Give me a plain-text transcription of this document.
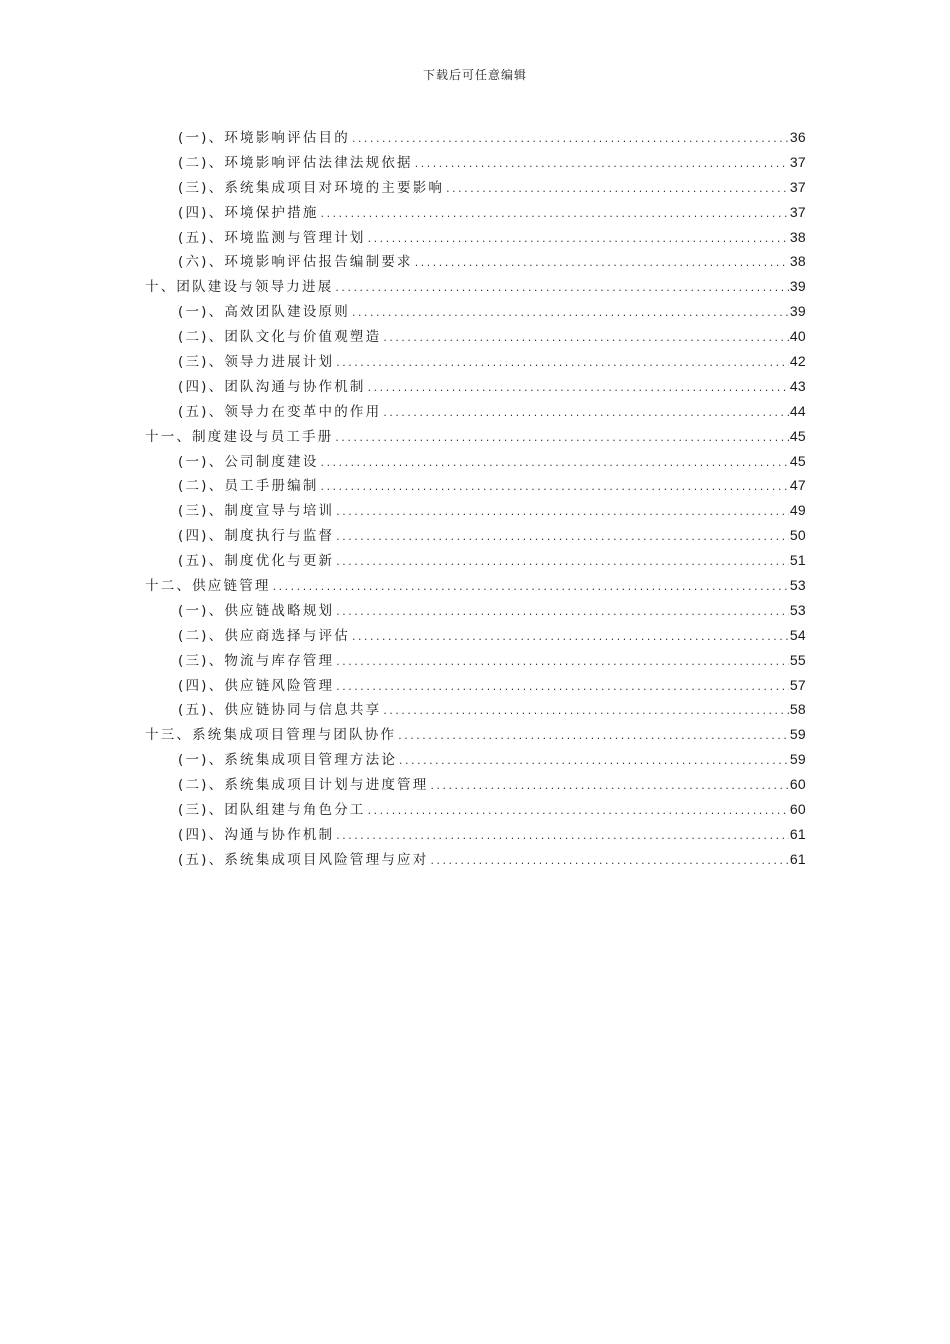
下载后可任意编辑
(一)、环境影响评估目的 .....	36
(二)、环境影响评估法律法规依据 .....	37
(三)、系统集成项目对环境的主要影响 .....	37
(四)、环境保护措施 .....	37
(五)、环境监测与管理计划 .....	38
(六)、环境影响评估报告编制要求 .....	38
十、团队建设与领导力进展 .....	39
(一)、高效团队建设原则 .....	39
(二)、团队文化与价值观塑造 .....	40
(三)、领导力进展计划 .....	42
(四)、团队沟通与协作机制 .....	43
(五)、领导力在变革中的作用 .....	44
十一、制度建设与员工手册 .....	45
(一)、公司制度建设 .....	45
(二)、员工手册编制 .....	47
(三)、制度宣导与培训 .....	49
(四)、制度执行与监督 .....	50
(五)、制度优化与更新 .....	51
十二、供应链管理 .....	53
(一)、供应链战略规划 .....	53
(二)、供应商选择与评估 .....	54
(三)、物流与库存管理 .....	55
(四)、供应链风险管理 .....	57
(五)、供应链协同与信息共享 .....	58
十三、系统集成项目管理与团队协作 .....	59
(一)、系统集成项目管理方法论 .....	59
(二)、系统集成项目计划与进度管理 .....	60
(三)、团队组建与角色分工 .....	60
(四)、沟通与协作机制 .....	61
(五)、系统集成项目风险管理与应对 .....	61
